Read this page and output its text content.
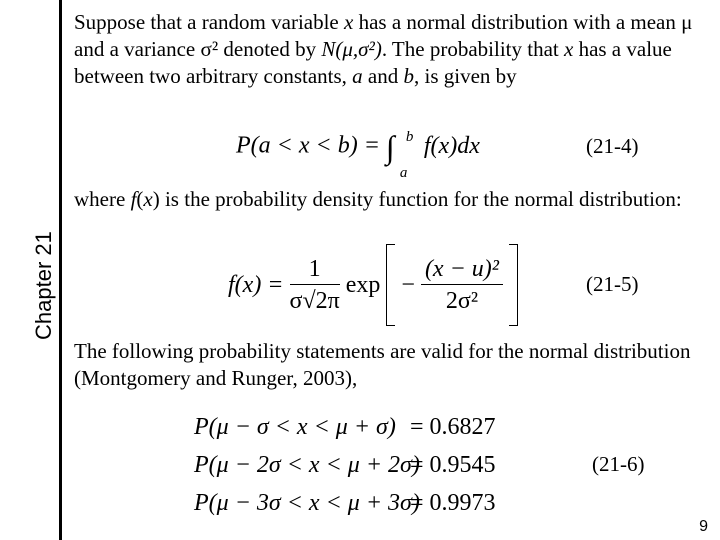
Chapter 21
Suppose that a random variable x has a normal distribution with a mean μ and a variance σ² denoted by N(μ,σ²). The probability that x has a value between two arbitrary constants, a and b, is given by
P(a < x < b) = ∫ b
a
f(x)dx	(21-4)
where f(x) is the probability density function for the normal distribution:
$f(x) = \frac{1}{\sigma√2\pi}$ $\exp - \frac{\text{(x − u)²}}{\text{2σ²}}$
	(21-5)
The following probability statements are valid for the normal distribution (Montgomery and Runger, 2003),
P(μ − σ < x < μ + σ) = 0.6827
P(μ − 2σ < x < μ + 2σ)= 0.9545
P(μ − 3σ < x < μ + 3σ)= 0.9973
(21-6)
9
